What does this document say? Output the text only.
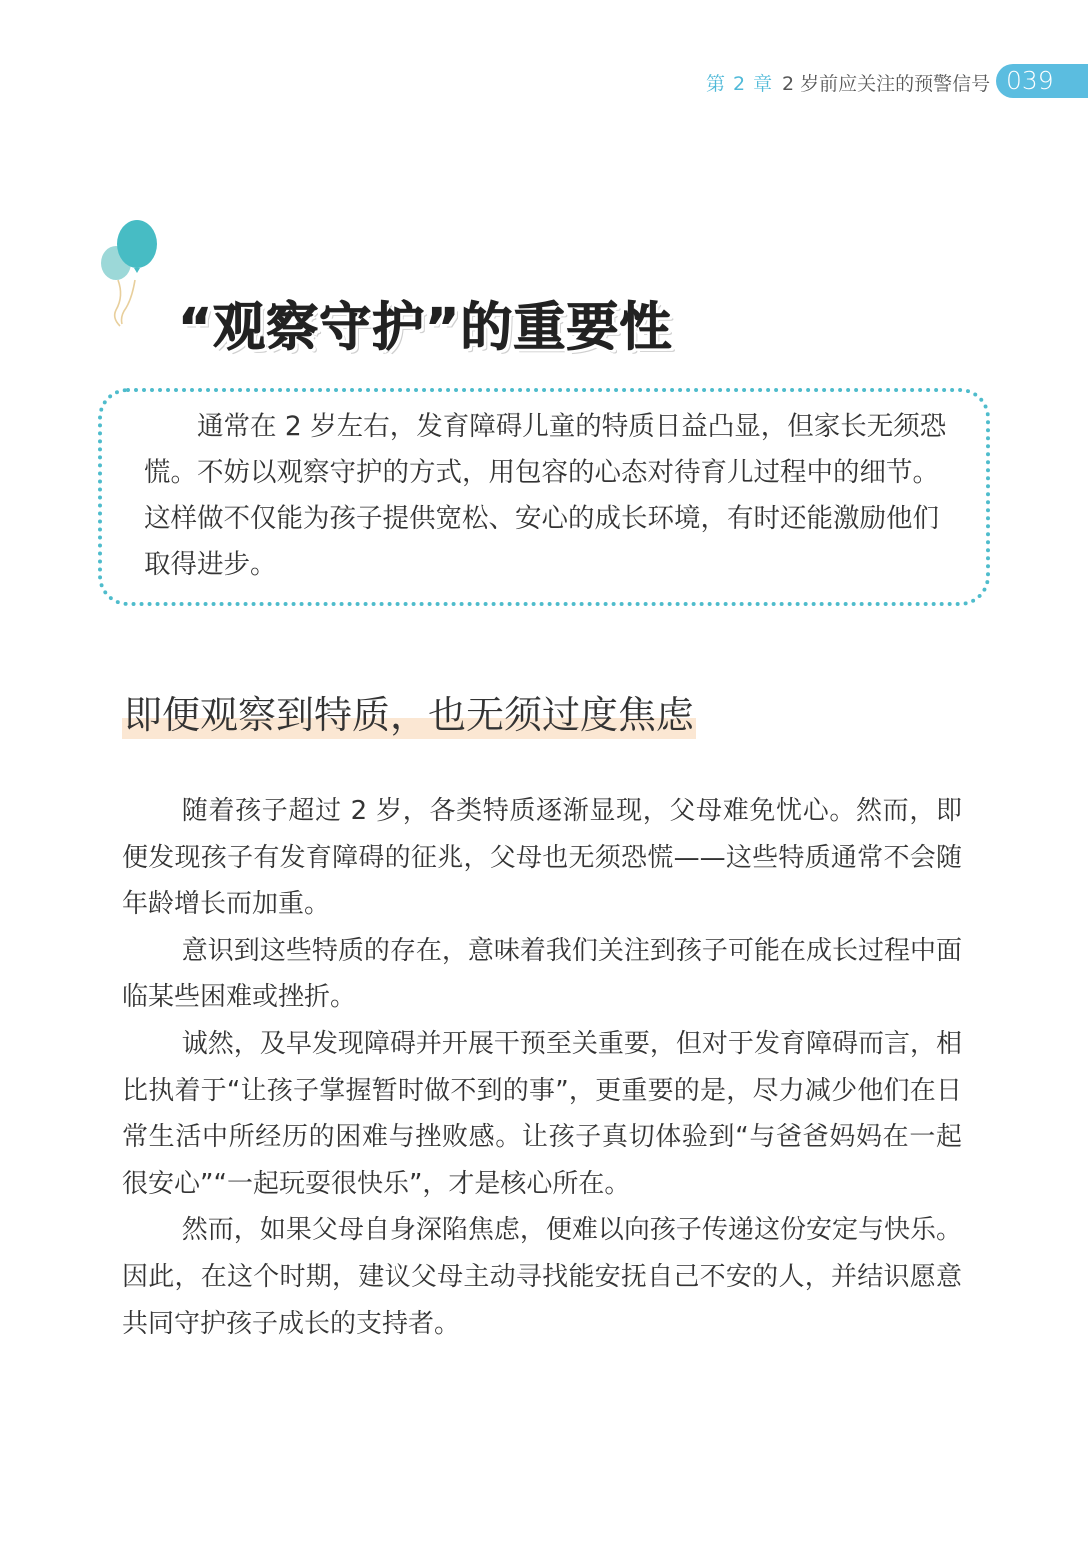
第 2 章 2 岁前应关注的预警信号 039
“观察守护”的重要性

通常在 2 岁左右，发育障碍儿童的特质日益凸显，但家长无须恐慌。不妨以观察守护的方式，用包容的心态对待育儿过程中的细节。这样做不仅能为孩子提供宽松、安心的成长环境，有时还能激励他们取得进步。

即便观察到特质，也无须过度焦虑

随着孩子超过 2 岁，各类特质逐渐显现，父母难免忧心。然而，即便发现孩子有发育障碍的征兆，父母也无须恐慌——这些特质通常不会随年龄增长而加重。

意识到这些特质的存在，意味着我们关注到孩子可能在成长过程中面临某些困难或挫折。

诚然，及早发现障碍并开展干预至关重要，但对于发育障碍而言，相比执着于“让孩子掌握暂时做不到的事”，更重要的是，尽力减少他们在日常生活中所经历的困难与挫败感。让孩子真切体验到“与爸爸妈妈在一起很安心”“一起玩耍很快乐”，才是核心所在。

然而，如果父母自身深陷焦虑，便难以向孩子传递这份安定与快乐。因此，在这个时期，建议父母主动寻找能安抚自己不安的人，并结识愿意共同守护孩子成长的支持者。
